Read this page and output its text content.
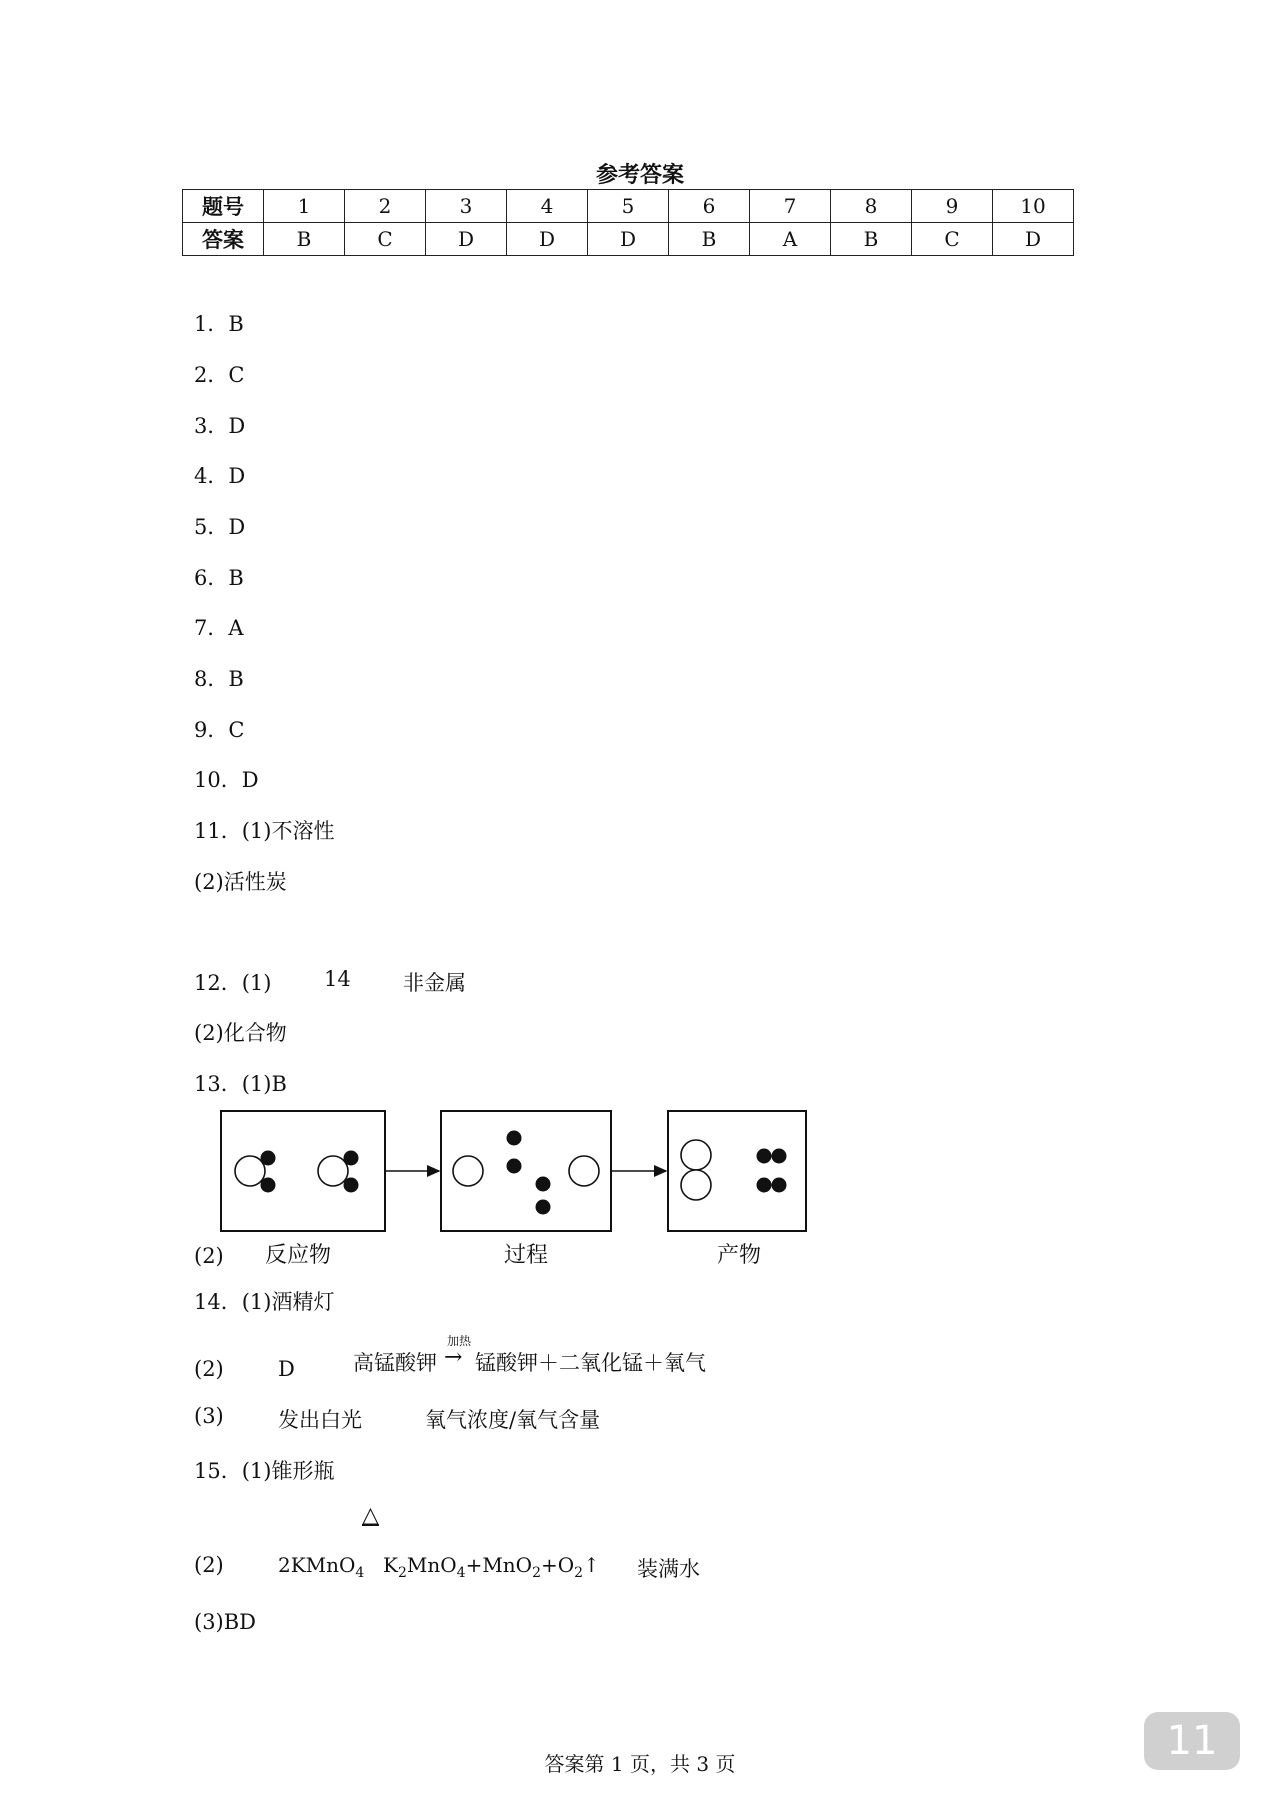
参考答案
题号	1	2	3	4	5	6	7	8	9	10
答案	B	C	D	D	D	B	A	B	C	D
1．B
2．C
3．D
4．D
5．D
6．B
7．A
8．B
9．C
10．D
11．(1)不溶性
(2)活性炭
12．(1)	14 非金属
(2)化合物
13．(1)B
(2) 反应物	过程	产物
14．(1)酒精灯
(2)	D	高锰酸钾
加热
→ 锰酸钾＋二氧化锰＋氧气
(3)	发出白光	氧气浓度/氧气含量
15．(1)锥形瓶
△
(2)	2KMnO$_4$ $K_2MnO_4+MnO_2+O_2↑$ 装满水
(3)BD
答案第 1 页，共 3 页	11
